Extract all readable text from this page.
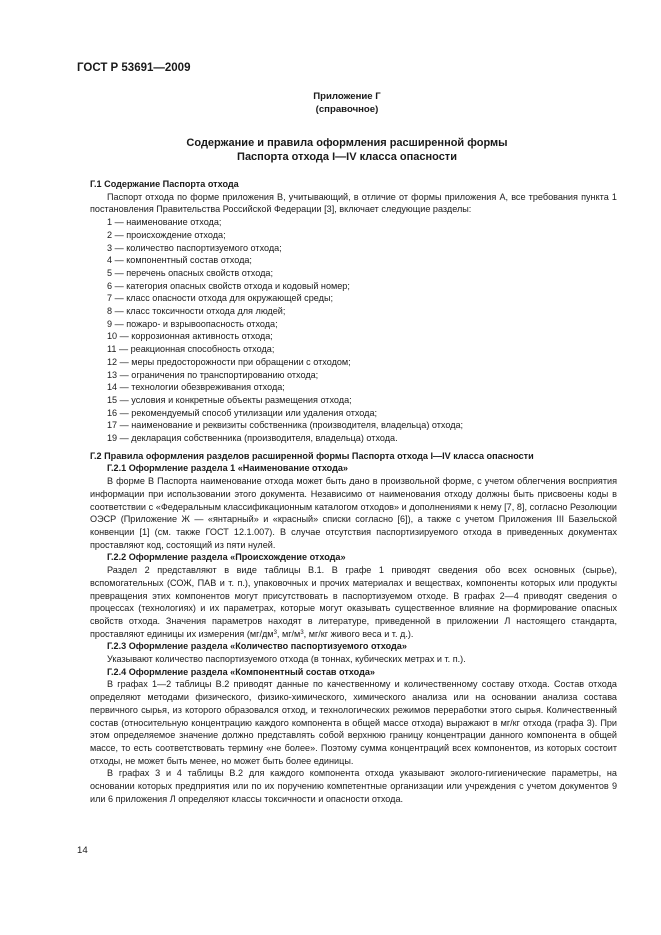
ГОСТ Р 53691—2009
Приложение Г
(справочное)
Содержание и правила оформления расширенной формы
Паспорта отхода I—IV класса опасности

Г.1 Содержание Паспорта отхода

Паспорт отхода по форме приложения В, учитывающий, в отличие от формы приложения А, все требования пункта 1 постановления Правительства Российской Федерации [3], включает следующие разделы:

1 — наименование отхода;
2 — происхождение отхода;
3 — количество паспортизуемого отхода;
4 — компонентный состав отхода;
5 — перечень опасных свойств отхода;
6 — категория опасных свойств отхода и кодовый номер;
7 — класс опасности отхода для окружающей среды;
8 — класс токсичности отхода для людей;
9 — пожаро- и взрывоопасность отхода;
10 — коррозионная активность отхода;
11 — реакционная способность отхода;
12 — меры предосторожности при обращении с отходом;
13 — ограничения по транспортированию отхода;
14 — технологии обезвреживания отхода;
15 — условия и конкретные объекты размещения отхода;
16 — рекомендуемый способ утилизации или удаления отхода;
17 — наименование и реквизиты собственника (производителя, владельца) отхода;
19 — декларация собственника (производителя, владельца) отхода.

Г.2 Правила оформления разделов расширенной формы Паспорта отхода I—IV класса опасности

Г.2.1 Оформление раздела 1 «Наименование отхода»

В форме В Паспорта наименование отхода может быть дано в произвольной форме, с учетом облегчения восприятия информации при использовании этого документа. Независимо от наименования отходу должны быть присвоены коды в соответствии с «Федеральным классификационным каталогом отходов» и дополнениями к нему [7, 8], согласно Резолюции ОЭСР (Приложение Ж — «янтарный» и «красный» списки согласно [6]), а также с учетом Приложения III Базельской конвенции [1] (см. также ГОСТ 12.1.007). В случае отсутствия паспортизируемого отхода в приведенных документах проставляют код, состоящий из пяти нулей.

Г.2.2 Оформление раздела «Происхождение отхода»

Раздел 2 представляют в виде таблицы В.1. В графе 1 приводят сведения обо всех основных (сырье), вспомогательных (СОЖ, ПАВ и т. п.), упаковочных и прочих материалах и веществах, компоненты которых или продукты превращения этих компонентов могут присутствовать в паспортизуемом отходе. В графах 2—4 приводят сведения о процессах (технологиях) и их параметрах, которые могут оказывать существенное влияние на формирование опасных свойств отхода. Значения параметров находят в литературе, приведенной в приложении Л настоящего стандарта, проставляют единицы их измерения ($мг/дм^3$, $мг/м^3$, мг/кг живого веса и т. д.).

Г.2.3 Оформление раздела «Количество паспортизуемого отхода»

Указывают количество паспортизуемого отхода (в тоннах, кубических метрах и т. п.).

Г.2.4 Оформление раздела «Компонентный состав отхода»

В графах 1—2 таблицы В.2 приводят данные по качественному и количественному составу отхода. Состав отхода определяют методами физического, физико-химического, химического анализа или на основании анализа состава первичного сырья, из которого образовался отход, и технологических режимов переработки этого сырья. Количественный состав (относительную концентрацию каждого компонента в общей массе отхода) выражают в мг/кг отхода (графа 3). При этом определяемое значение должно представлять собой верхнюю границу концентрации данного компонента в общей массе, то есть соответствовать термину «не более». Поэтому сумма концентраций всех компонентов, из которых состоит отходы, не может быть менее, но может быть более единицы.

В графах 3 и 4 таблицы В.2 для каждого компонента отхода указывают эколого-гигиенические параметры, на основании которых предприятия или по их поручению компетентные организации или учреждения с учетом документов 9 или 6 приложения Л определяют классы токсичности и опасности отхода.

14
